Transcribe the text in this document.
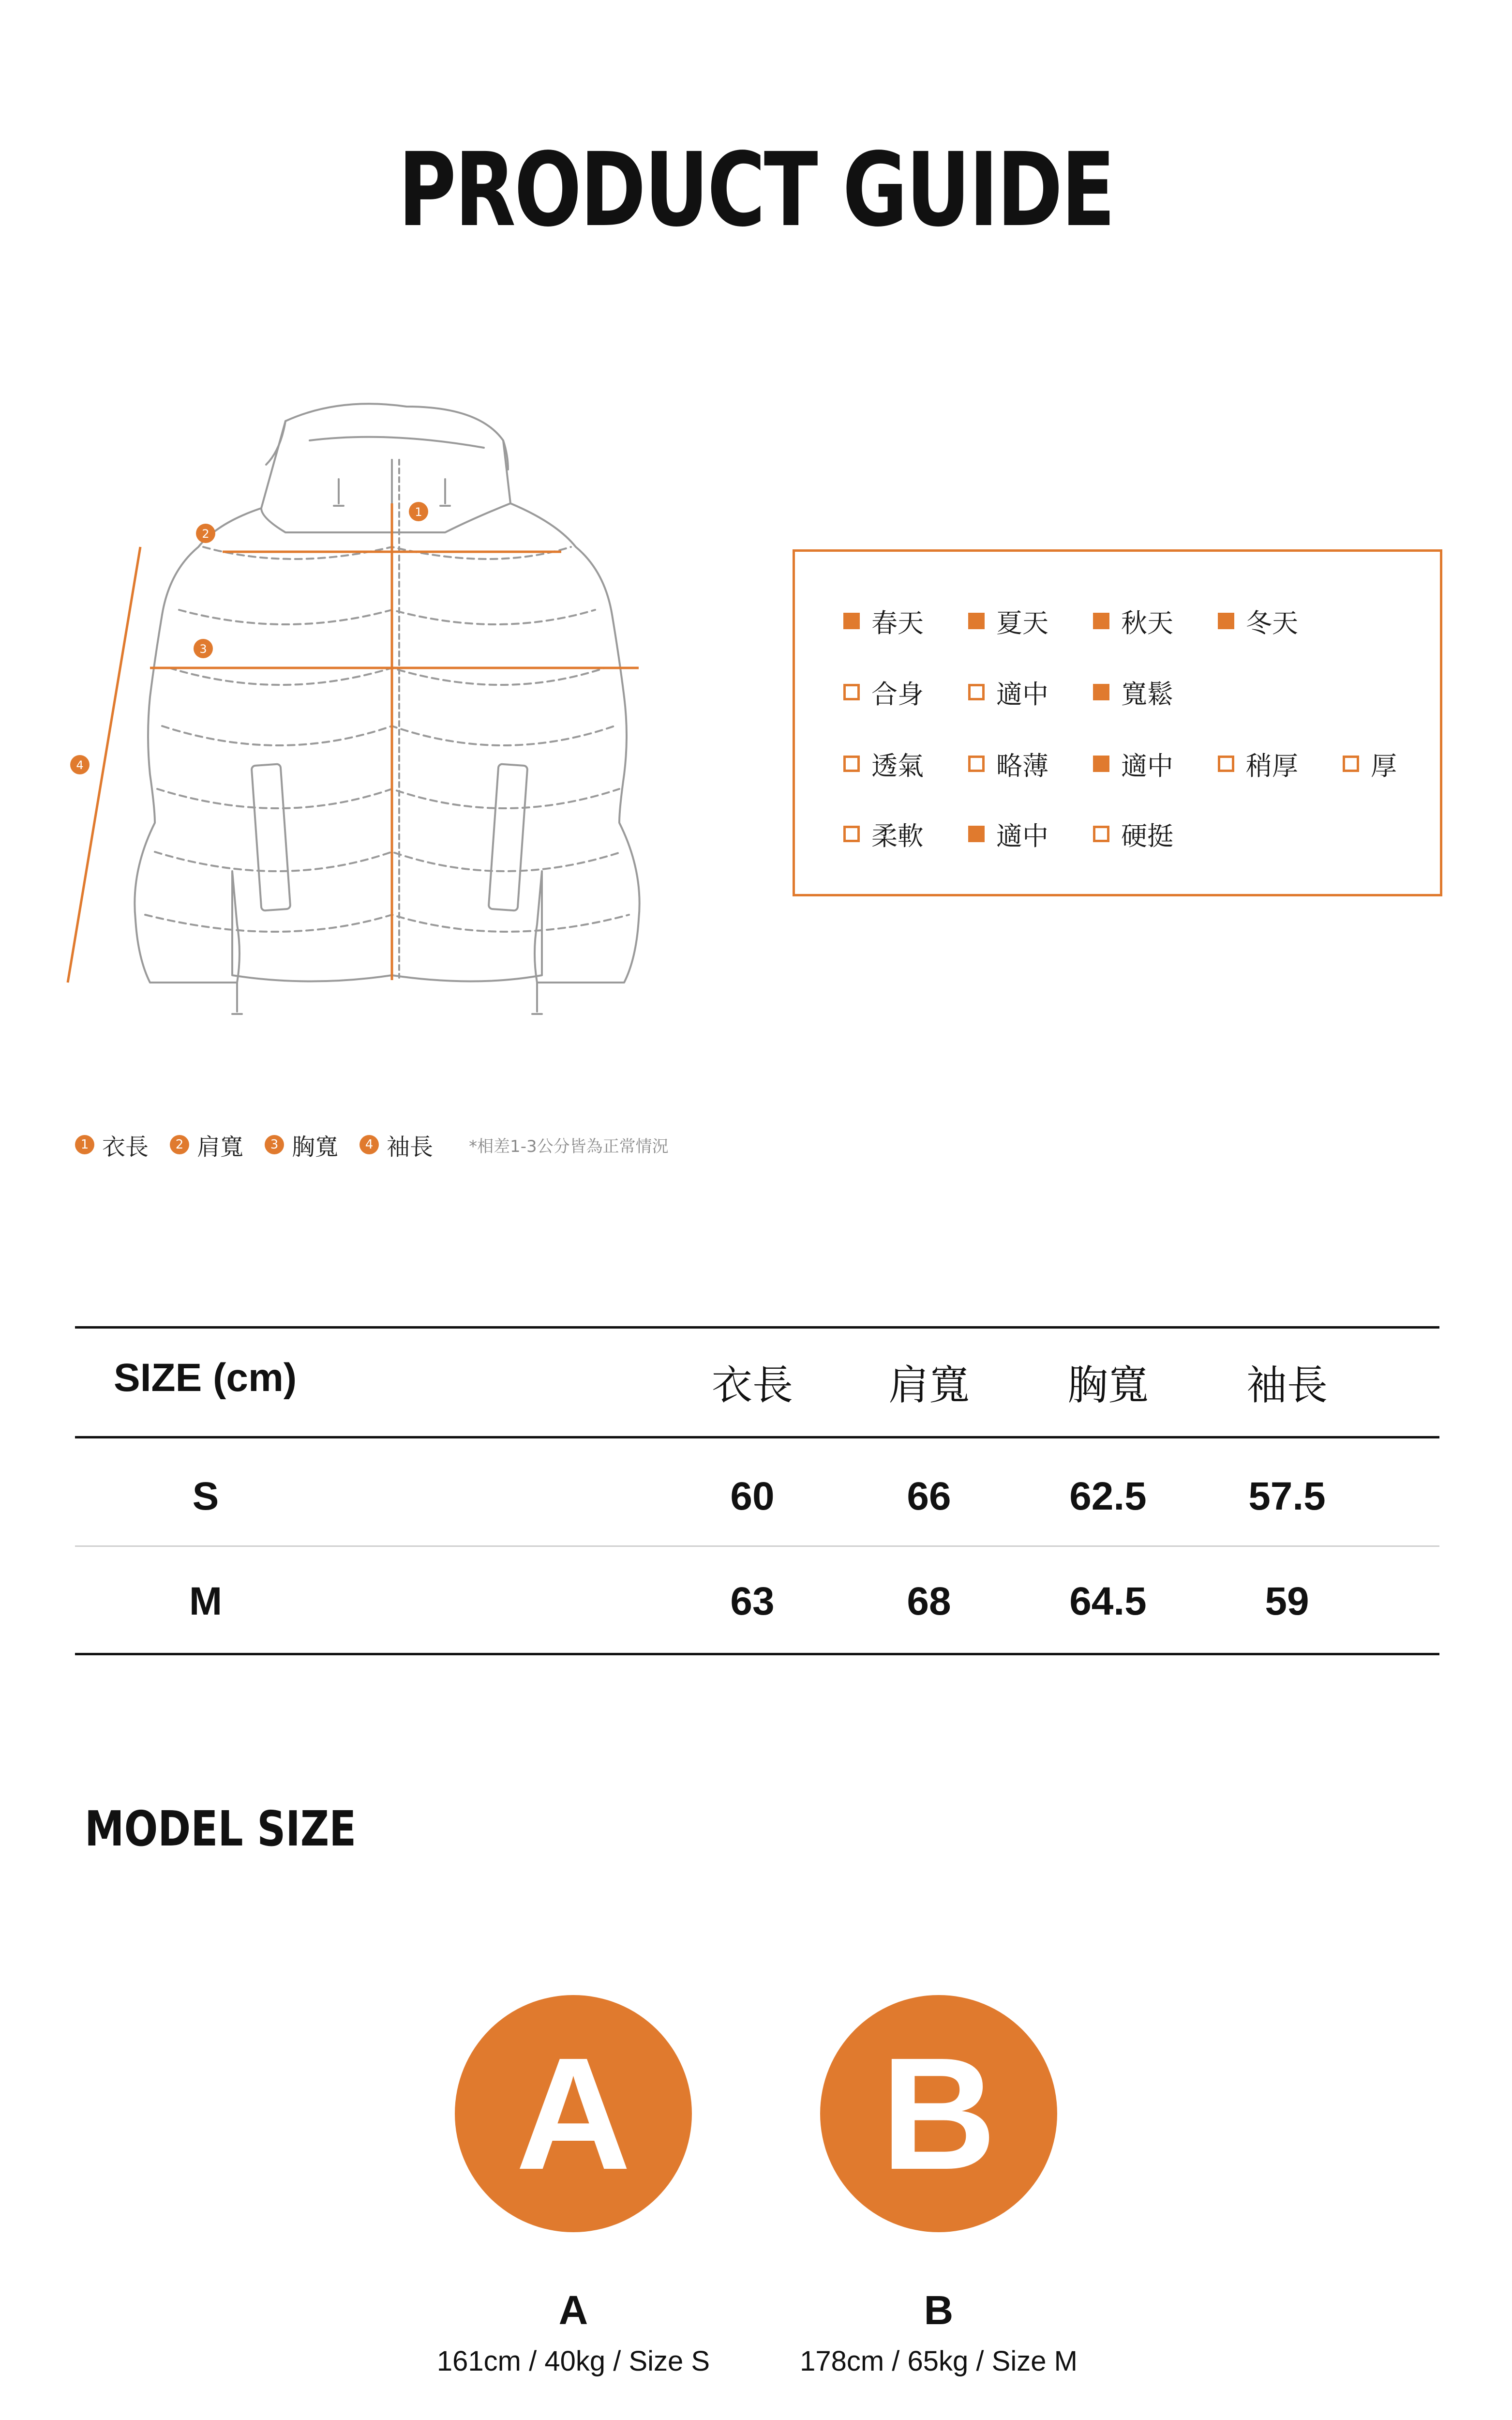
PRODUCT GUIDE
1
2
3
4
春天	夏天	秋天	冬天
合身	適中	寬鬆
透氣	略薄	適中	稍厚	厚
柔軟	適中	硬挺
1 衣長	2 肩寬	3 胸寬	4 袖長 *相差1-3公分皆為正常情況
SIZE (cm)	衣長	肩寬	胸寬	袖長
S	60	66	62.5	57.5
M	63	68	64.5	59
MODEL SIZE
A	B
A	B
161cm / 40kg / Size S	178cm / 65kg / Size M
